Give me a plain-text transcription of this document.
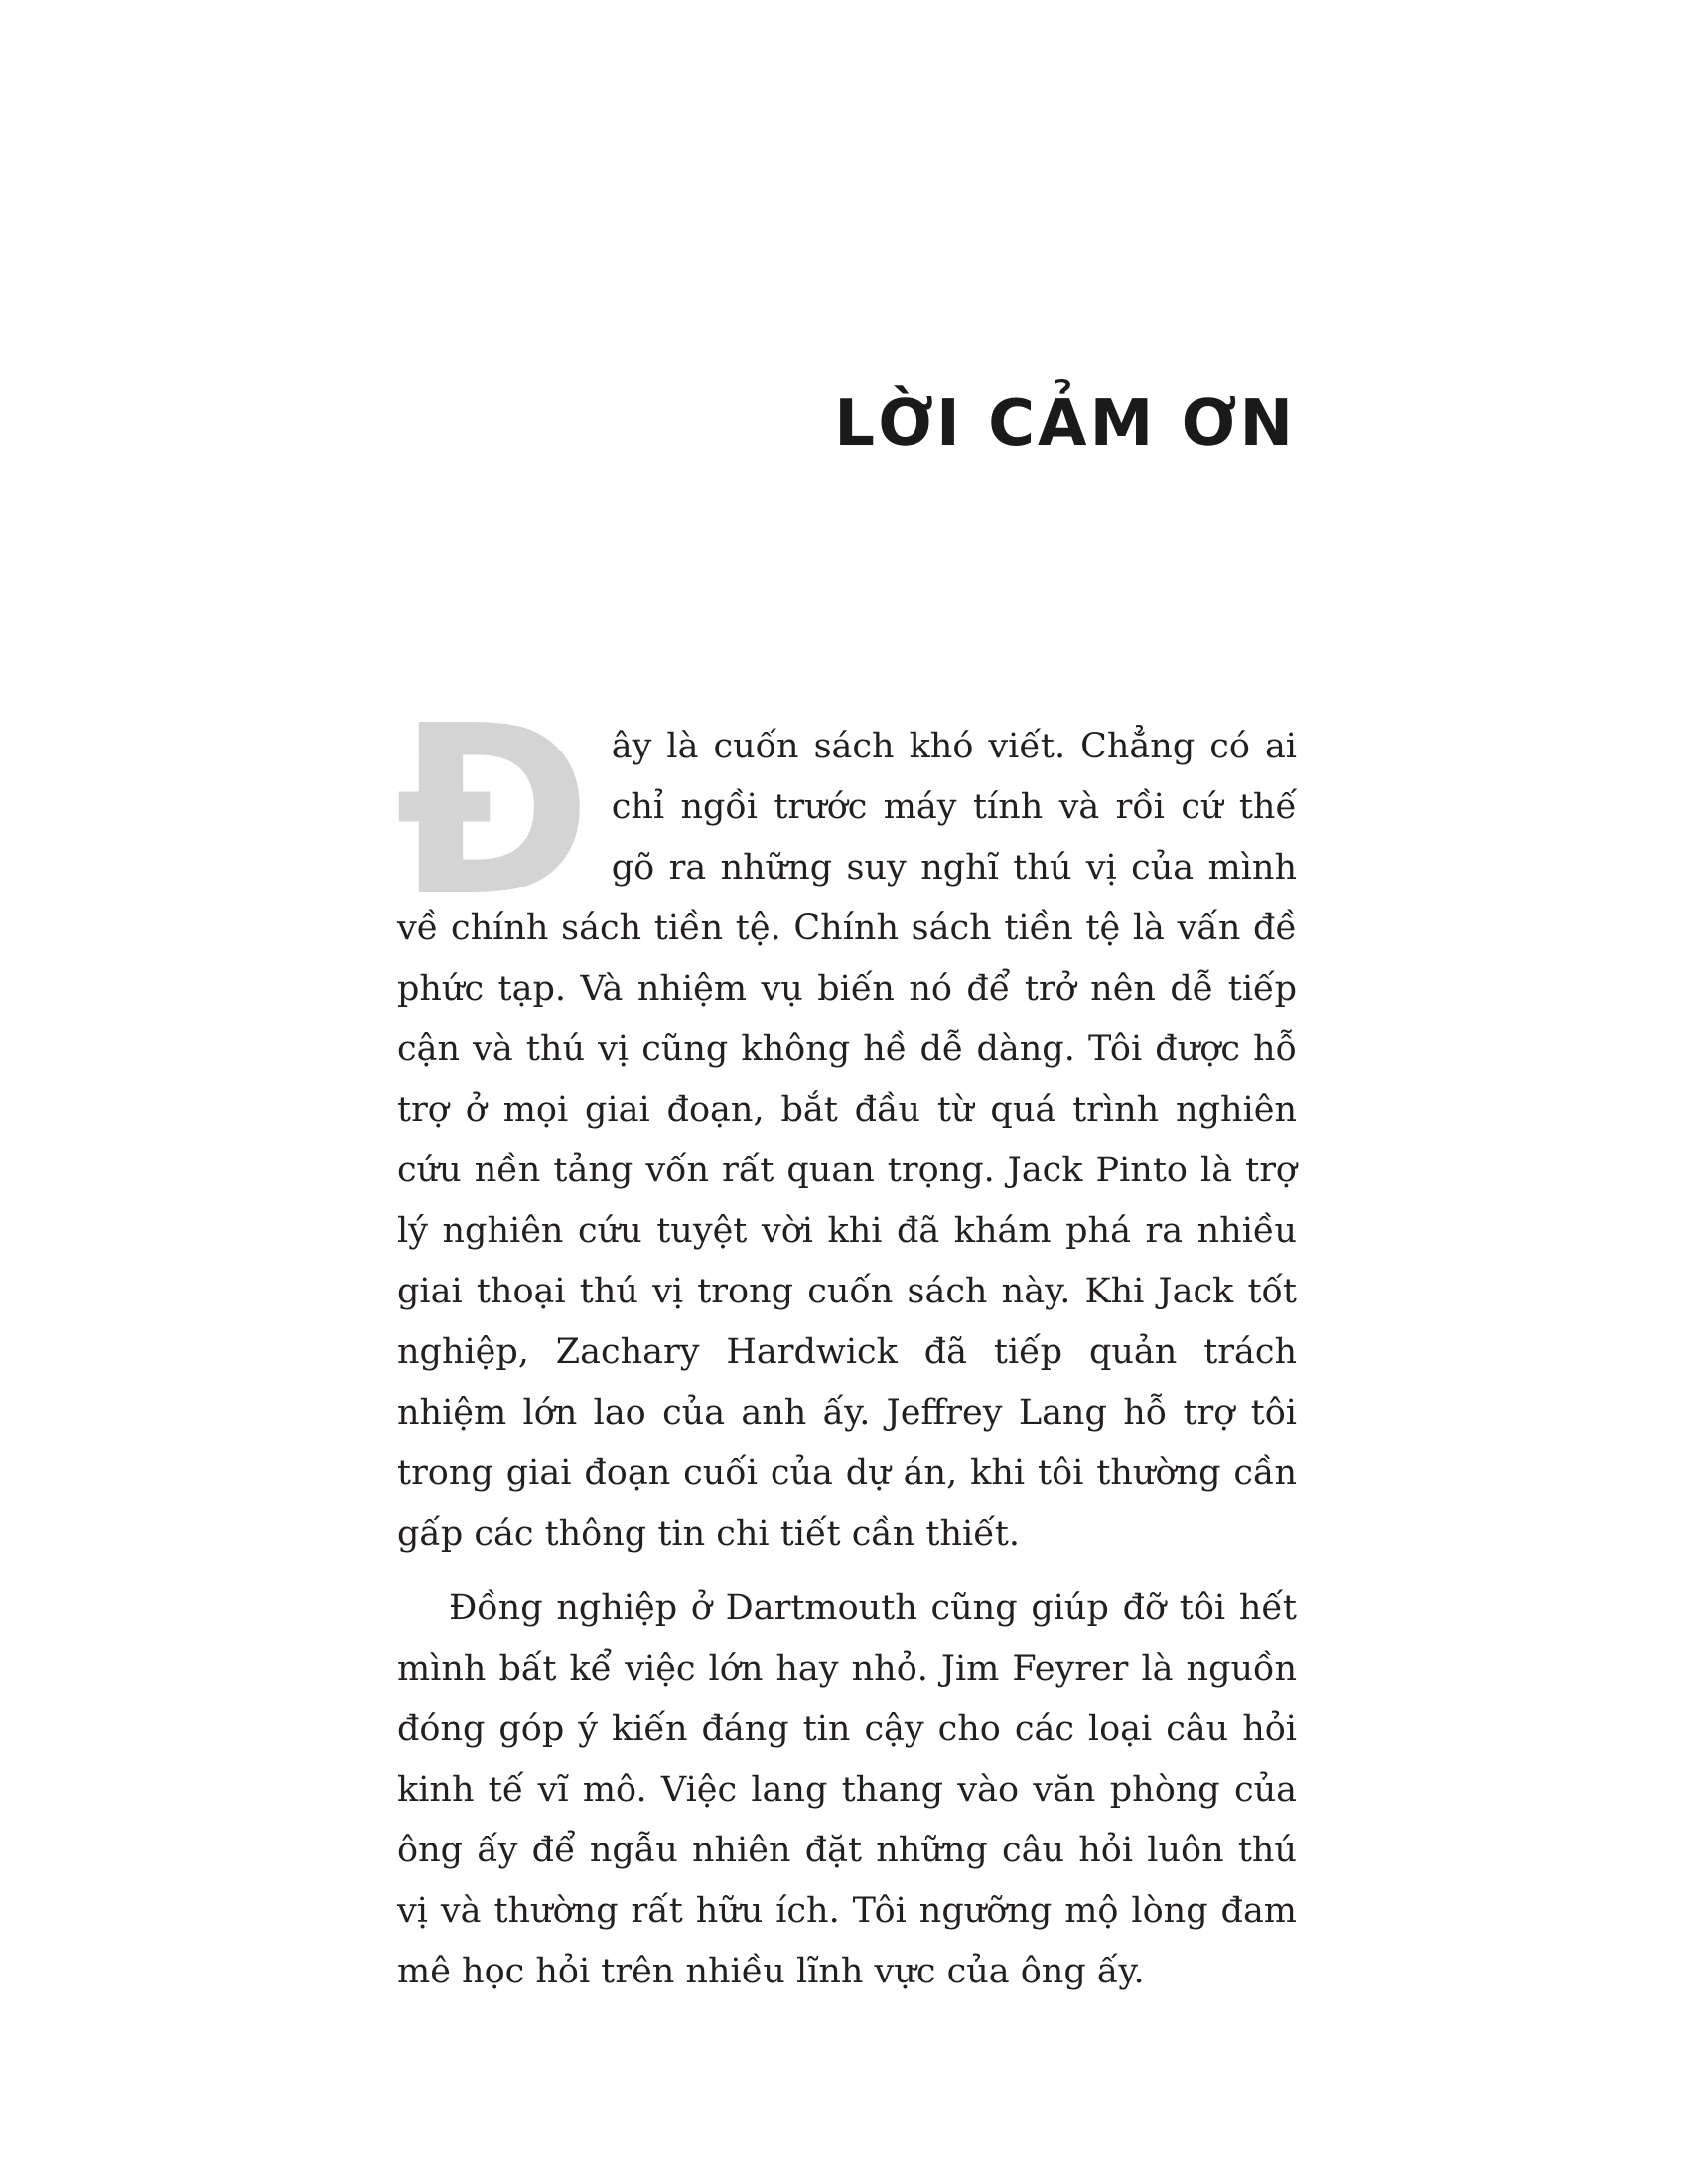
LỜI CẢM ƠN

Đây là cuốn sách khó viết. Chẳng có ai chỉ ngồi trước máy tính và rồi cứ thế gõ ra những suy nghĩ thú vị của mình về chính sách tiền tệ. Chính sách tiền tệ là vấn đề phức tạp. Và nhiệm vụ biến nó để trở nên dễ tiếp cận và thú vị cũng không hề dễ dàng. Tôi được hỗ trợ ở mọi giai đoạn, bắt đầu từ quá trình nghiên cứu nền tảng vốn rất quan trọng. Jack Pinto là trợ lý nghiên cứu tuyệt vời khi đã khám phá ra nhiều giai thoại thú vị trong cuốn sách này. Khi Jack tốt nghiệp, Zachary Hardwick đã tiếp quản trách nhiệm lớn lao của anh ấy. Jeffrey Lang hỗ trợ tôi trong giai đoạn cuối của dự án, khi tôi thường cần gấp các thông tin chi tiết cần thiết.

Đồng nghiệp ở Dartmouth cũng giúp đỡ tôi hết mình bất kể việc lớn hay nhỏ. Jim Feyrer là nguồn đóng góp ý kiến đáng tin cậy cho các loại câu hỏi kinh tế vĩ mô. Việc lang thang vào văn phòng của ông ấy để ngẫu nhiên đặt những câu hỏi luôn thú vị và thường rất hữu ích. Tôi ngưỡng mộ lòng đam mê học hỏi trên nhiều lĩnh vực của ông ấy.
